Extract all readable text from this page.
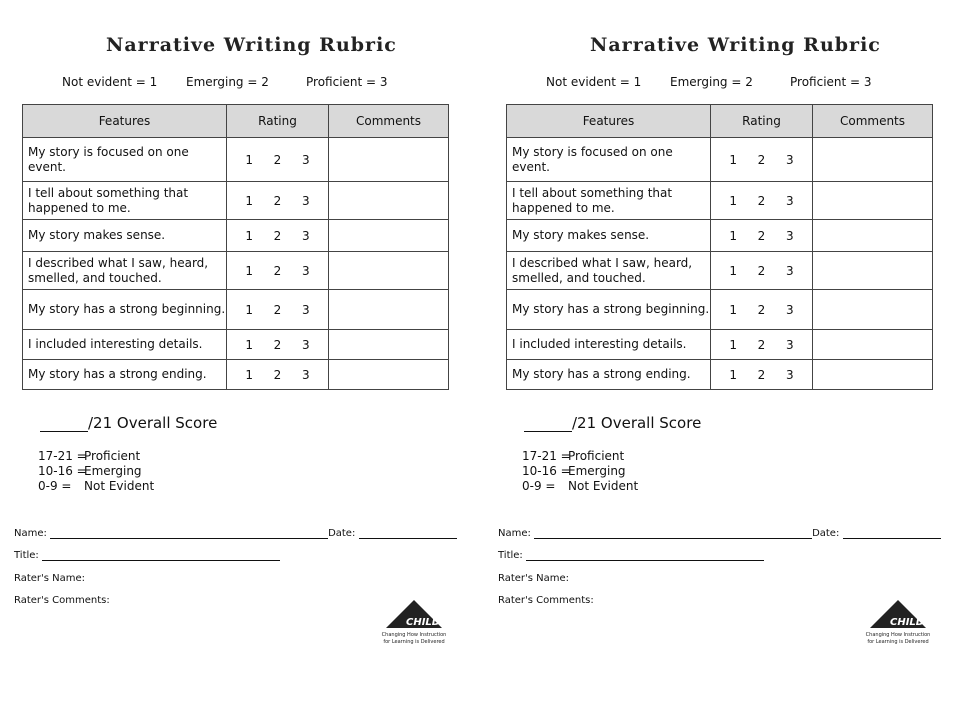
Narrative Writing Rubric
Not evident = 1 Emerging = 2	Proficient = 3
Features	Rating	Comments
My story is focused on one event.	1 2 3	

I tell about something that happened to me.	1 2 3	

My story makes sense.	1 2 3	

I described what I saw, heard, smelled, and touched.	1 2 3	

My story has a strong beginning.	1 2 3	

I included interesting details.	1 2 3	

My story has a strong ending.	1 2 3	

/21 Overall Score
17-21 =Proficient
10-16 =Emerging
0-9 = Not Evident
Name:	Date:
Title:
Rater's Name:
Rater's Comments:
CHILD
Changing How Instruction
for Learning is Delivered
Narrative Writing Rubric
Not evident = 1 Emerging = 2	Proficient = 3
Features	Rating	Comments
My story is focused on one event.	1 2 3	

I tell about something that happened to me.	1 2 3	

My story makes sense.	1 2 3	

I described what I saw, heard, smelled, and touched.	1 2 3	

My story has a strong beginning.	1 2 3	

I included interesting details.	1 2 3	

My story has a strong ending.	1 2 3	

/21 Overall Score
17-21 =Proficient
10-16 =Emerging
0-9 = Not Evident
Name:	Date:
Title:
Rater's Name:
Rater's Comments:
CHILD
Changing How Instruction
for Learning is Delivered
